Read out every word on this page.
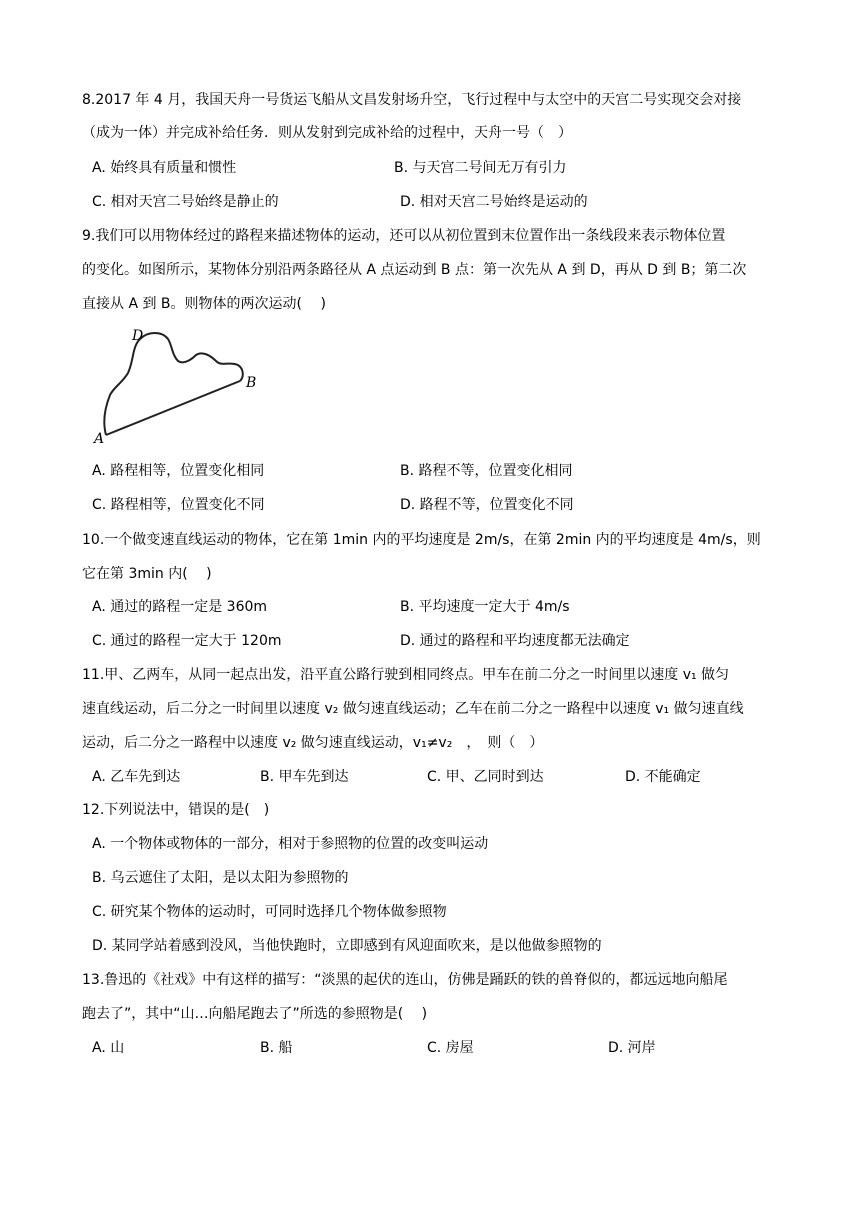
8.2017 年 4 月，我国天舟一号货运飞船从文昌发射场升空，飞行过程中与太空中的天宫二号实现交会对接
（成为一体）并完成补给任务．则从发射到完成补给的过程中，天舟一号（　）
A. 始终具有质量和惯性	B. 与天宫二号间无万有引力
C. 相对天宫二号始终是静止的	D. 相对天宫二号始终是运动的
9.我们可以用物体经过的路程来描述物体的运动，还可以从初位置到末位置作出一条线段来表示物体位置
的变化。如图所示，某物体分别沿两条路径从 A 点运动到 B 点：第一次先从 A 到 D，再从 D 到 B；第二次
直接从 A 到 B。则物体的两次运动(　 )
D
B
A
A. 路程相等，位置变化相同	B. 路程不等，位置变化相同
C. 路程相等，位置变化不同	D. 路程不等，位置变化不同
10.一个做变速直线运动的物体，它在第 1min 内的平均速度是 2m/s，在第 2min 内的平均速度是 4m/s，则
它在第 3min 内(　 )
A. 通过的路程一定是 360m	B. 平均速度一定大于 4m/s
C. 通过的路程一定大于 120m	D. 通过的路程和平均速度都无法确定
11.甲、乙两车，从同一起点出发，沿平直公路行驶到相同终点。甲车在前二分之一时间里以速度 v₁ 做匀
速直线运动，后二分之一时间里以速度 v₂ 做匀速直线运动；乙车在前二分之一路程中以速度 v₁ 做匀速直线
运动，后二分之一路程中以速度 v₂ 做匀速直线运动，v₁≠v₂　，　则（　）
A. 乙车先到达	B. 甲车先到达	C. 甲、乙同时到达	D. 不能确定
12.下列说法中，错误的是(　)
A. 一个物体或物体的一部分，相对于参照物的位置的改变叫运动
B. 乌云遮住了太阳，是以太阳为参照物的
C. 研究某个物体的运动时，可同时选择几个物体做参照物
D. 某同学站着感到没风，当他快跑时，立即感到有风迎面吹来，是以他做参照物的
13.鲁迅的《社戏》中有这样的描写：“淡黑的起伏的连山，仿佛是踊跃的铁的兽脊似的，都远远地向船尾
跑去了”，其中“山…向船尾跑去了”所选的参照物是(　 )
A. 山	B. 船	C. 房屋	D. 河岸
